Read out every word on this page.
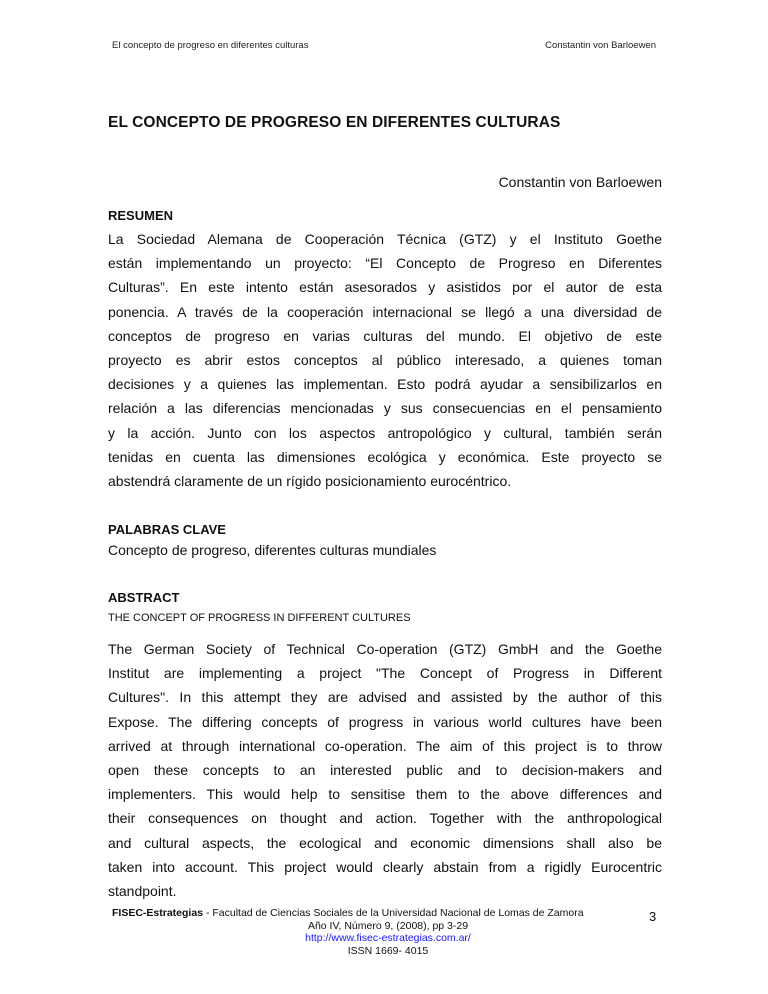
El concepto de progreso en diferentes culturas	Constantin von Barloewen
EL CONCEPTO DE PROGRESO EN DIFERENTES CULTURAS
Constantin von Barloewen
RESUMEN
La Sociedad Alemana de Cooperación Técnica (GTZ) y el Instituto Goethe
están implementando un proyecto: “El Concepto de Progreso en Diferentes
Culturas”. En este intento están asesorados y asistidos por el autor de esta
ponencia. A través de la cooperación internacional se llegó a una diversidad de
conceptos de progreso en varias culturas del mundo. El objetivo de este
proyecto es abrir estos conceptos al público interesado, a quienes toman
decisiones y a quienes las implementan. Esto podrá ayudar a sensibilizarlos en
relación a las diferencias mencionadas y sus consecuencias en el pensamiento
y la acción. Junto con los aspectos antropológico y cultural, también serán
tenidas en cuenta las dimensiones ecológica y económica. Este proyecto se
abstendrá claramente de un rígido posicionamiento eurocéntrico.
PALABRAS CLAVE
Concepto de progreso, diferentes culturas mundiales
ABSTRACT
THE CONCEPT OF PROGRESS IN DIFFERENT CULTURES
The German Society of Technical Co-operation (GTZ) GmbH and the Goethe
Institut are implementing a project "The Concept of Progress in Different
Cultures". In this attempt they are advised and assisted by the author of this
Expose. The differing concepts of progress in various world cultures have been
arrived at through international co-operation. The aim of this project is to throw
open these concepts to an interested public and to decision-makers and
implementers. This would help to sensitise them to the above differences and
their consequences on thought and action. Together with the anthropological
and cultural aspects, the ecological and economic dimensions shall also be
taken into account. This project would clearly abstain from a rigidly Eurocentric
standpoint.
FISEC-Estrategias - Facultad de Ciencias Sociales de la Universidad Nacional de Lomas de Zamora
Año IV, Número 9, (2008), pp 3-29
http://www.fisec-estrategias.com.ar/
ISSN 1669- 4015
3
